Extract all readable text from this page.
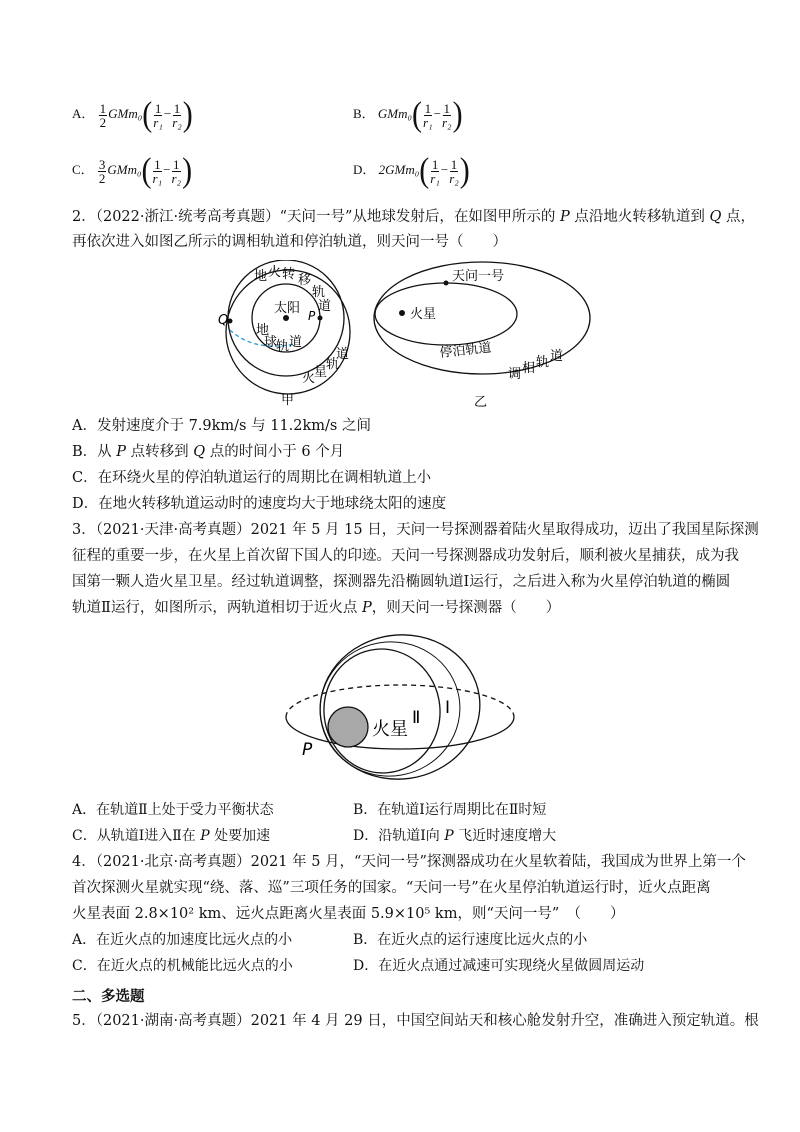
A． $\frac{1}{2} GMm_0( \frac{1}{\text{r₁}} - \frac{1}{\text{r₂}}$ )	B． $GMm_0( \frac{1}{\text{r₁}} - \frac{1}{\text{r₂}}$ )
C． $\frac{3}{2} GMm_0( \frac{1}{\text{r₁}} - \frac{1}{\text{r₂}}$ )	D． $2GMm_0( \frac{1}{\text{r₁}} - \frac{1}{\text{r₂}}$ )
2．（2022·浙江·统考高考真题）“天问一号”从地球发射后，在如图甲所示的 P 点沿地火转移轨道到 Q 点，
再依次进入如图乙所示的调相轨道和停泊轨道，则天问一号（　　）
Q	P
太阳
地 火 转 移
轨
道
地
球
轨 道
火
星
轨
道
甲
天问一号
火星
停泊轨道
调 相 轨 道
乙
A．发射速度介于 7.9km/s 与 11.2km/s 之间
B．从 P 点转移到 Q 点的时间小于 6 个月
C．在环绕火星的停泊轨道运行的周期比在调相轨道上小
D．在地火转移轨道运动时的速度均大于地球绕太阳的速度
3．（2021·天津·高考真题）2021 年 5 月 15 日，天问一号探测器着陆火星取得成功，迈出了我国星际探测
征程的重要一步，在火星上首次留下国人的印迹。天问一号探测器成功发射后，顺利被火星捕获，成为我
国第一颗人造火星卫星。经过轨道调整，探测器先沿椭圆轨道Ⅰ运行，之后进入称为火星停泊轨道的椭圆
轨道Ⅱ运行，如图所示，两轨道相切于近火点 P，则天问一号探测器（　　）
火星
Ⅱ Ⅰ
P
A．在轨道Ⅱ上处于受力平衡状态	B．在轨道Ⅰ运行周期比在Ⅱ时短
C．从轨道Ⅰ进入Ⅱ在 P 处要加速	D．沿轨道Ⅰ向 P 飞近时速度增大
4．（2021·北京·高考真题）2021 年 5 月，“天问一号”探测器成功在火星软着陆，我国成为世界上第一个
首次探测火星就实现“绕、落、巡”三项任务的国家。“天问一号”在火星停泊轨道运行时，近火点距离
火星表面 2.8×10² km、远火点距离火星表面 5.9×10⁵ km，则“天问一号”　（　　）
A．在近火点的加速度比远火点的小	B．在近火点的运行速度比远火点的小
C．在近火点的机械能比远火点的小	D．在近火点通过减速可实现绕火星做圆周运动
二、多选题
5．（2021·湖南·高考真题）2021 年 4 月 29 日，中国空间站天和核心舱发射升空，准确进入预定轨道。根
